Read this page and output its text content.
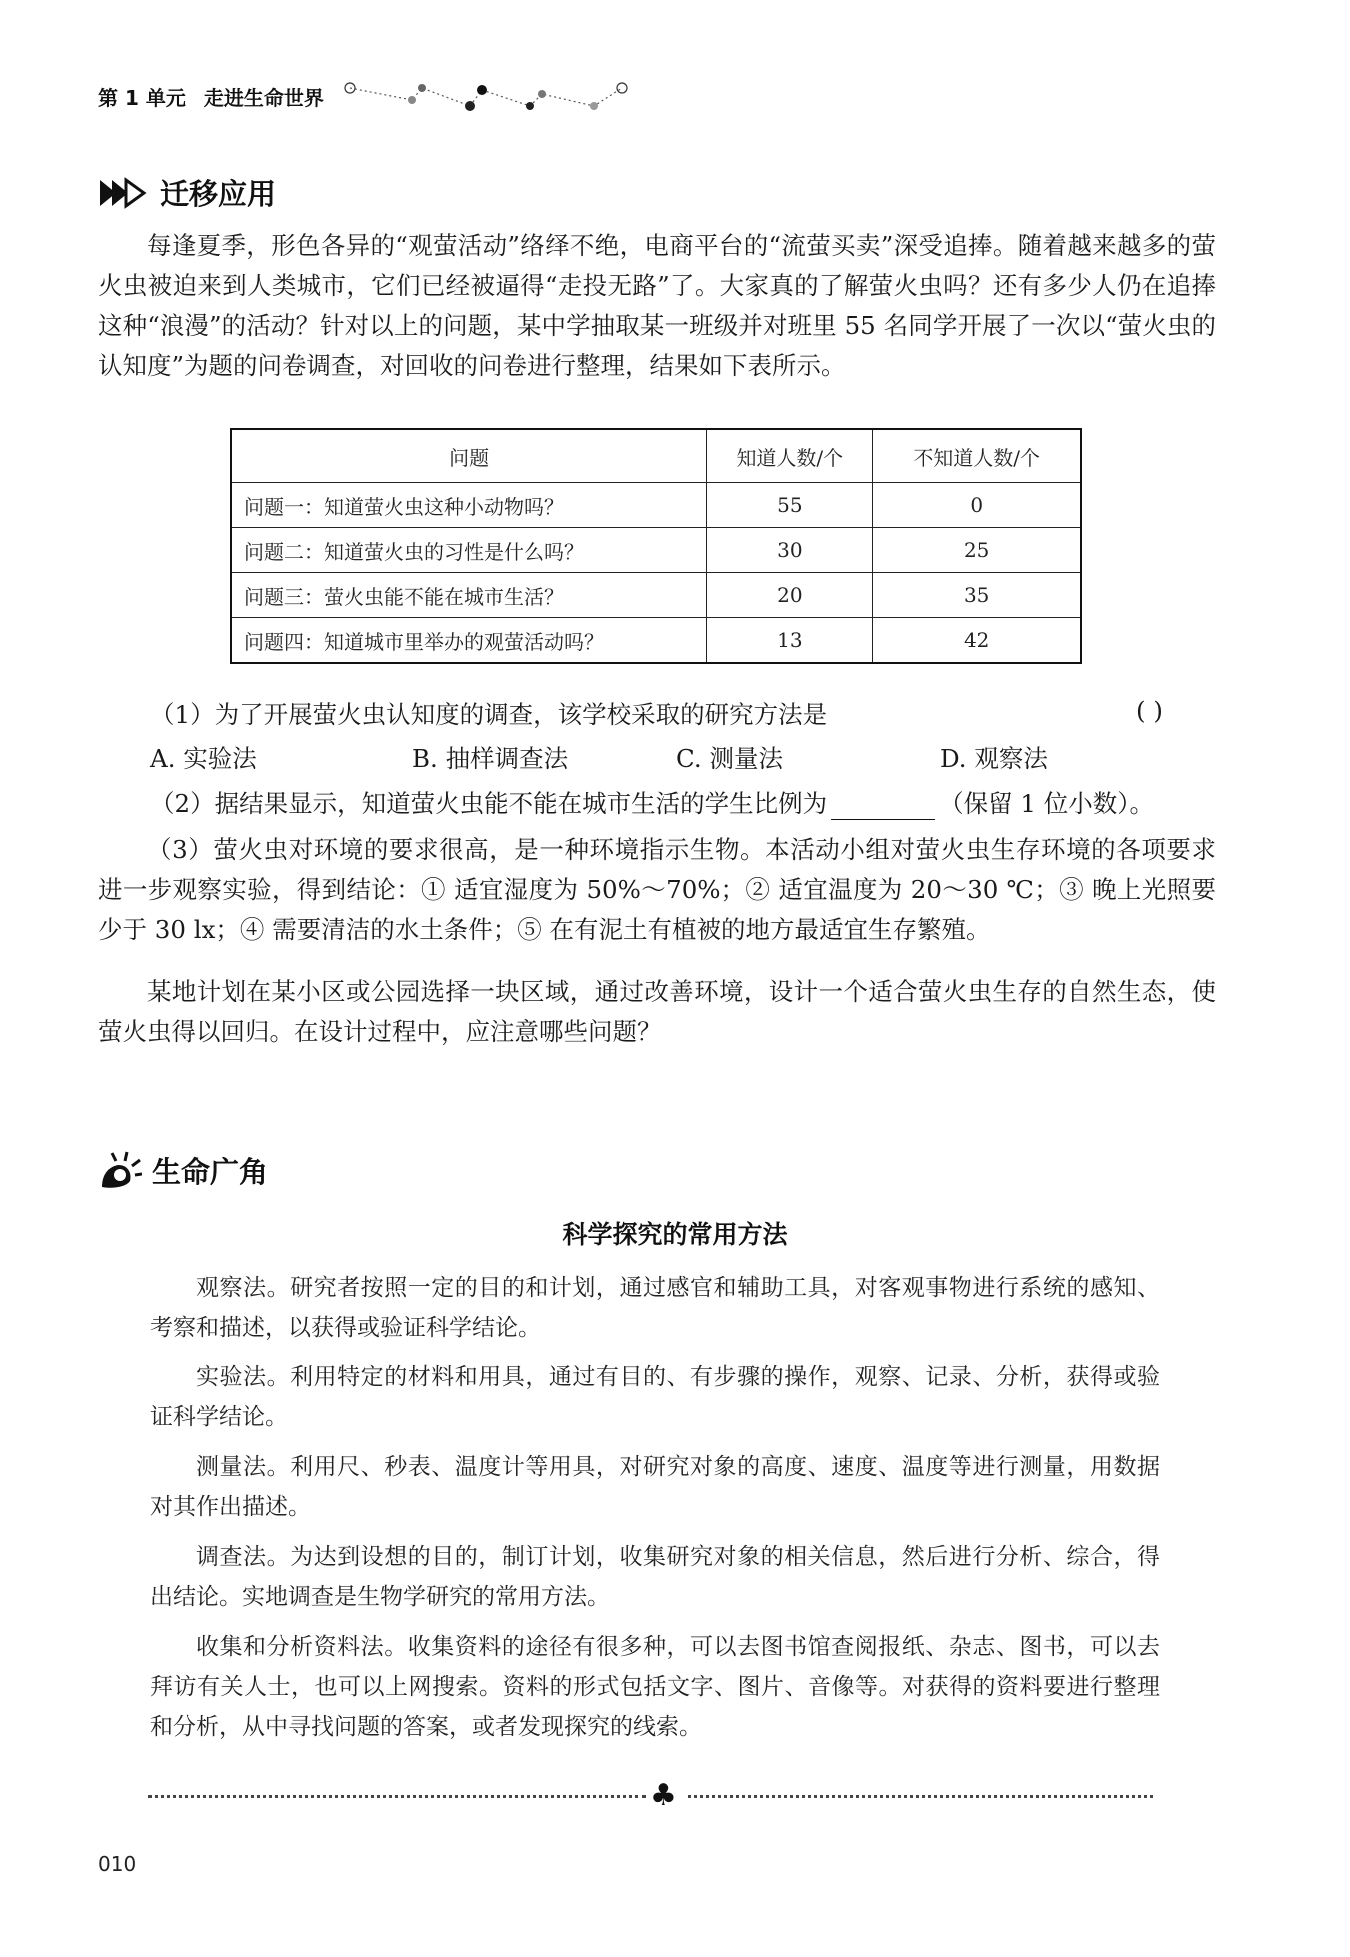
第 1 单元 走进生命世界
迁移应用
每逢夏季，形色各异的“观萤活动”络绎不绝，电商平台的“流萤买卖”深受追捧。随着越来越多的萤火虫被迫来到人类城市，它们已经被逼得“走投无路”了。大家真的了解萤火虫吗？还有多少人仍在追捧这种“浪漫”的活动？针对以上的问题，某中学抽取某一班级并对班里 55 名同学开展了一次以“萤火虫的认知度”为题的问卷调查，对回收的问卷进行整理，结果如下表所示。
问题	知道人数/个	不知道人数/个
问题一：知道萤火虫这种小动物吗？	55	0
问题二：知道萤火虫的习性是什么吗？	30	25
问题三：萤火虫能不能在城市生活？	20	35
问题四：知道城市里举办的观萤活动吗？	13	42
（1）为了开展萤火虫认知度的调查，该学校采取的研究方法是	( )
A. 实验法	B. 抽样调查法	C. 测量法	D. 观察法
（2）据结果显示，知道萤火虫能不能在城市生活的学生比例为	（保留 1 位小数）。
（3）萤火虫对环境的要求很高，是一种环境指示生物。本活动小组对萤火虫生存环境的各项要求进一步观察实验，得到结论：① 适宜湿度为 50%～70%；② 适宜温度为 20～30 ℃；③ 晚上光照要少于 30 lx；④ 需要清洁的水土条件；⑤ 在有泥土有植被的地方最适宜生存繁殖。
某地计划在某小区或公园选择一块区域，通过改善环境，设计一个适合萤火虫生存的自然生态，使萤火虫得以回归。在设计过程中，应注意哪些问题？
生命广角
科学探究的常用方法
观察法。研究者按照一定的目的和计划，通过感官和辅助工具，对客观事物进行系统的感知、考察和描述，以获得或验证科学结论。
实验法。利用特定的材料和用具，通过有目的、有步骤的操作，观察、记录、分析，获得或验证科学结论。
测量法。利用尺、秒表、温度计等用具，对研究对象的高度、速度、温度等进行测量，用数据对其作出描述。
调查法。为达到设想的目的，制订计划，收集研究对象的相关信息，然后进行分析、综合，得出结论。实地调查是生物学研究的常用方法。
收集和分析资料法。收集资料的途径有很多种，可以去图书馆查阅报纸、杂志、图书，可以去拜访有关人士，也可以上网搜索。资料的形式包括文字、图片、音像等。对获得的资料要进行整理和分析，从中寻找问题的答案，或者发现探究的线索。
♣
010
